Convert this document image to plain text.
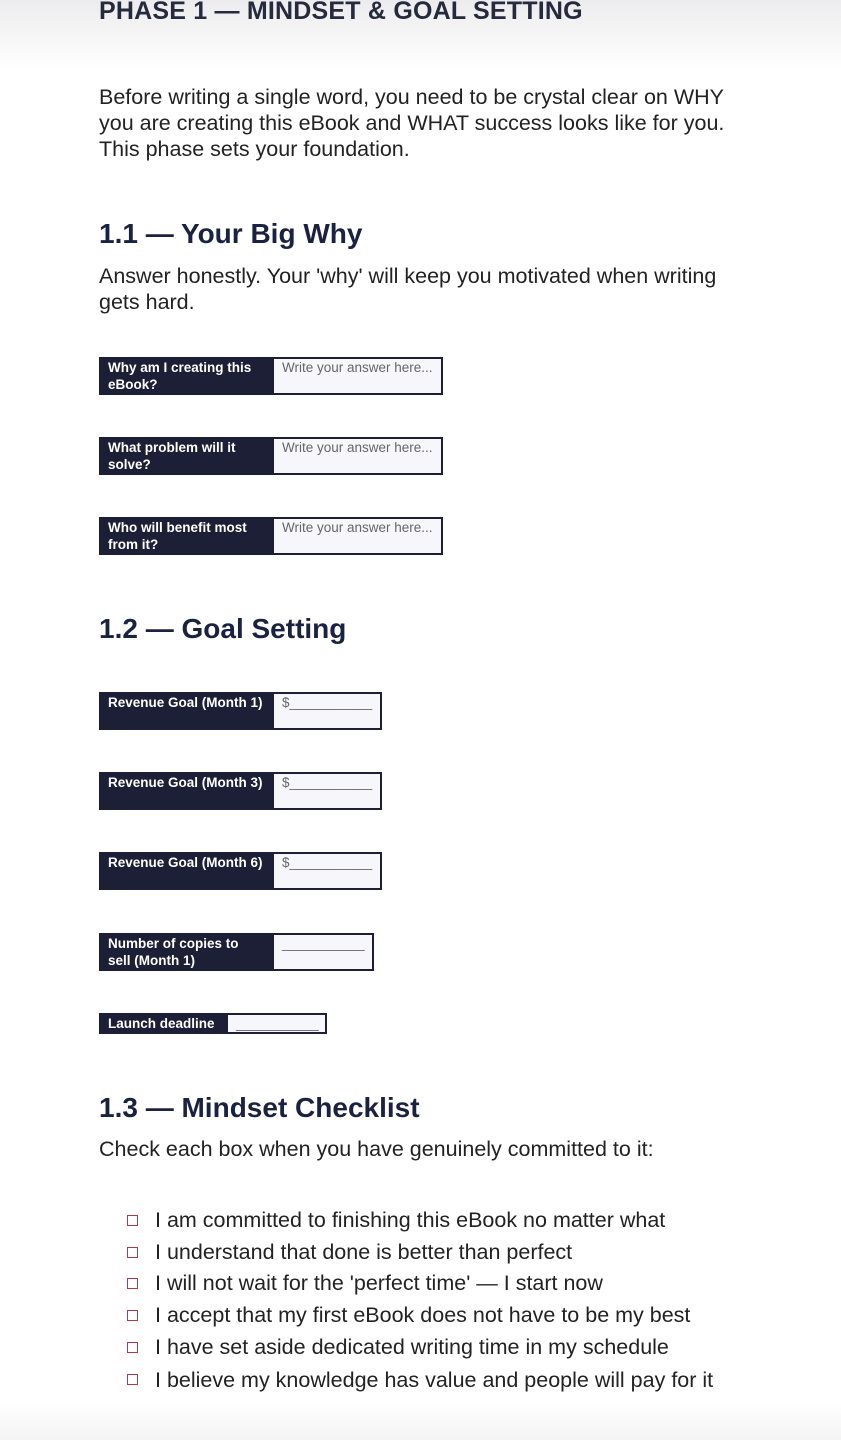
PHASE 1 — MINDSET & GOAL SETTING

Before writing a single word, you need to be crystal clear on WHY you are creating this eBook and WHAT success looks like for you. This phase sets your foundation.

1.1 — Your Big Why

Answer honestly. Your 'why' will keep you motivated when writing gets hard.

Why am I creating this eBook?
Write your answer here...
What problem will it solve?
Write your answer here...
Who will benefit most from it?
Write your answer here...
1.2 — Goal Setting
Revenue Goal (Month 1)	$___________
Revenue Goal (Month 3)	$___________
Revenue Goal (Month 6)	$___________
Number of copies to sell (Month 1)
___________
Launch deadline	___________
1.3 — Mindset Checklist

Check each box when you have genuinely committed to it:

I am committed to finishing this eBook no matter what
I understand that done is better than perfect
I will not wait for the 'perfect time' — I start now
I accept that my first eBook does not have to be my best
I have set aside dedicated writing time in my schedule
I believe my knowledge has value and people will pay for it
